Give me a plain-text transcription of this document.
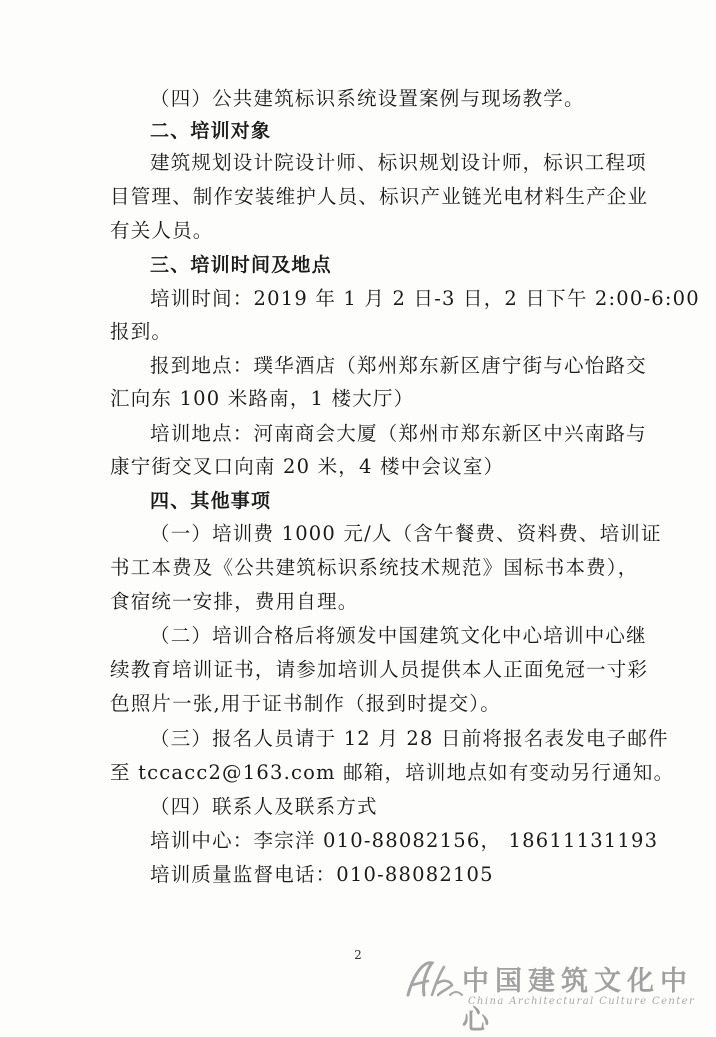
（四）公共建筑标识系统设置案例与现场教学。
二、培训对象
建筑规划设计院设计师、标识规划设计师，标识工程项
目管理、制作安装维护人员、标识产业链光电材料生产企业
有关人员。
三、培训时间及地点
培训时间：2019 年 1 月 2 日-3 日，2 日下午 2:00-6:00
报到。
报到地点：璞华酒店（郑州郑东新区唐宁街与心怡路交
汇向东 100 米路南，1 楼大厅）
培训地点：河南商会大厦（郑州市郑东新区中兴南路与
康宁街交叉口向南 20 米，4 楼中会议室）
四、其他事项
（一）培训费 1000 元/人（含午餐费、资料费、培训证
书工本费及《公共建筑标识系统技术规范》国标书本费），
食宿统一安排，费用自理。
（二）培训合格后将颁发中国建筑文化中心培训中心继
续教育培训证书，请参加培训人员提供本人正面免冠一寸彩
色照片一张,用于证书制作（报到时提交）。
（三）报名人员请于 12 月 28 日前将报名表发电子邮件
至 tccacc2@163.com 邮箱，培训地点如有变动另行通知。
（四）联系人及联系方式
培训中心：李宗洋 010-88082156， 18611131193
培训质量监督电话：010-88082105
2
中国建筑文化中心
China Architectural Culture Center
